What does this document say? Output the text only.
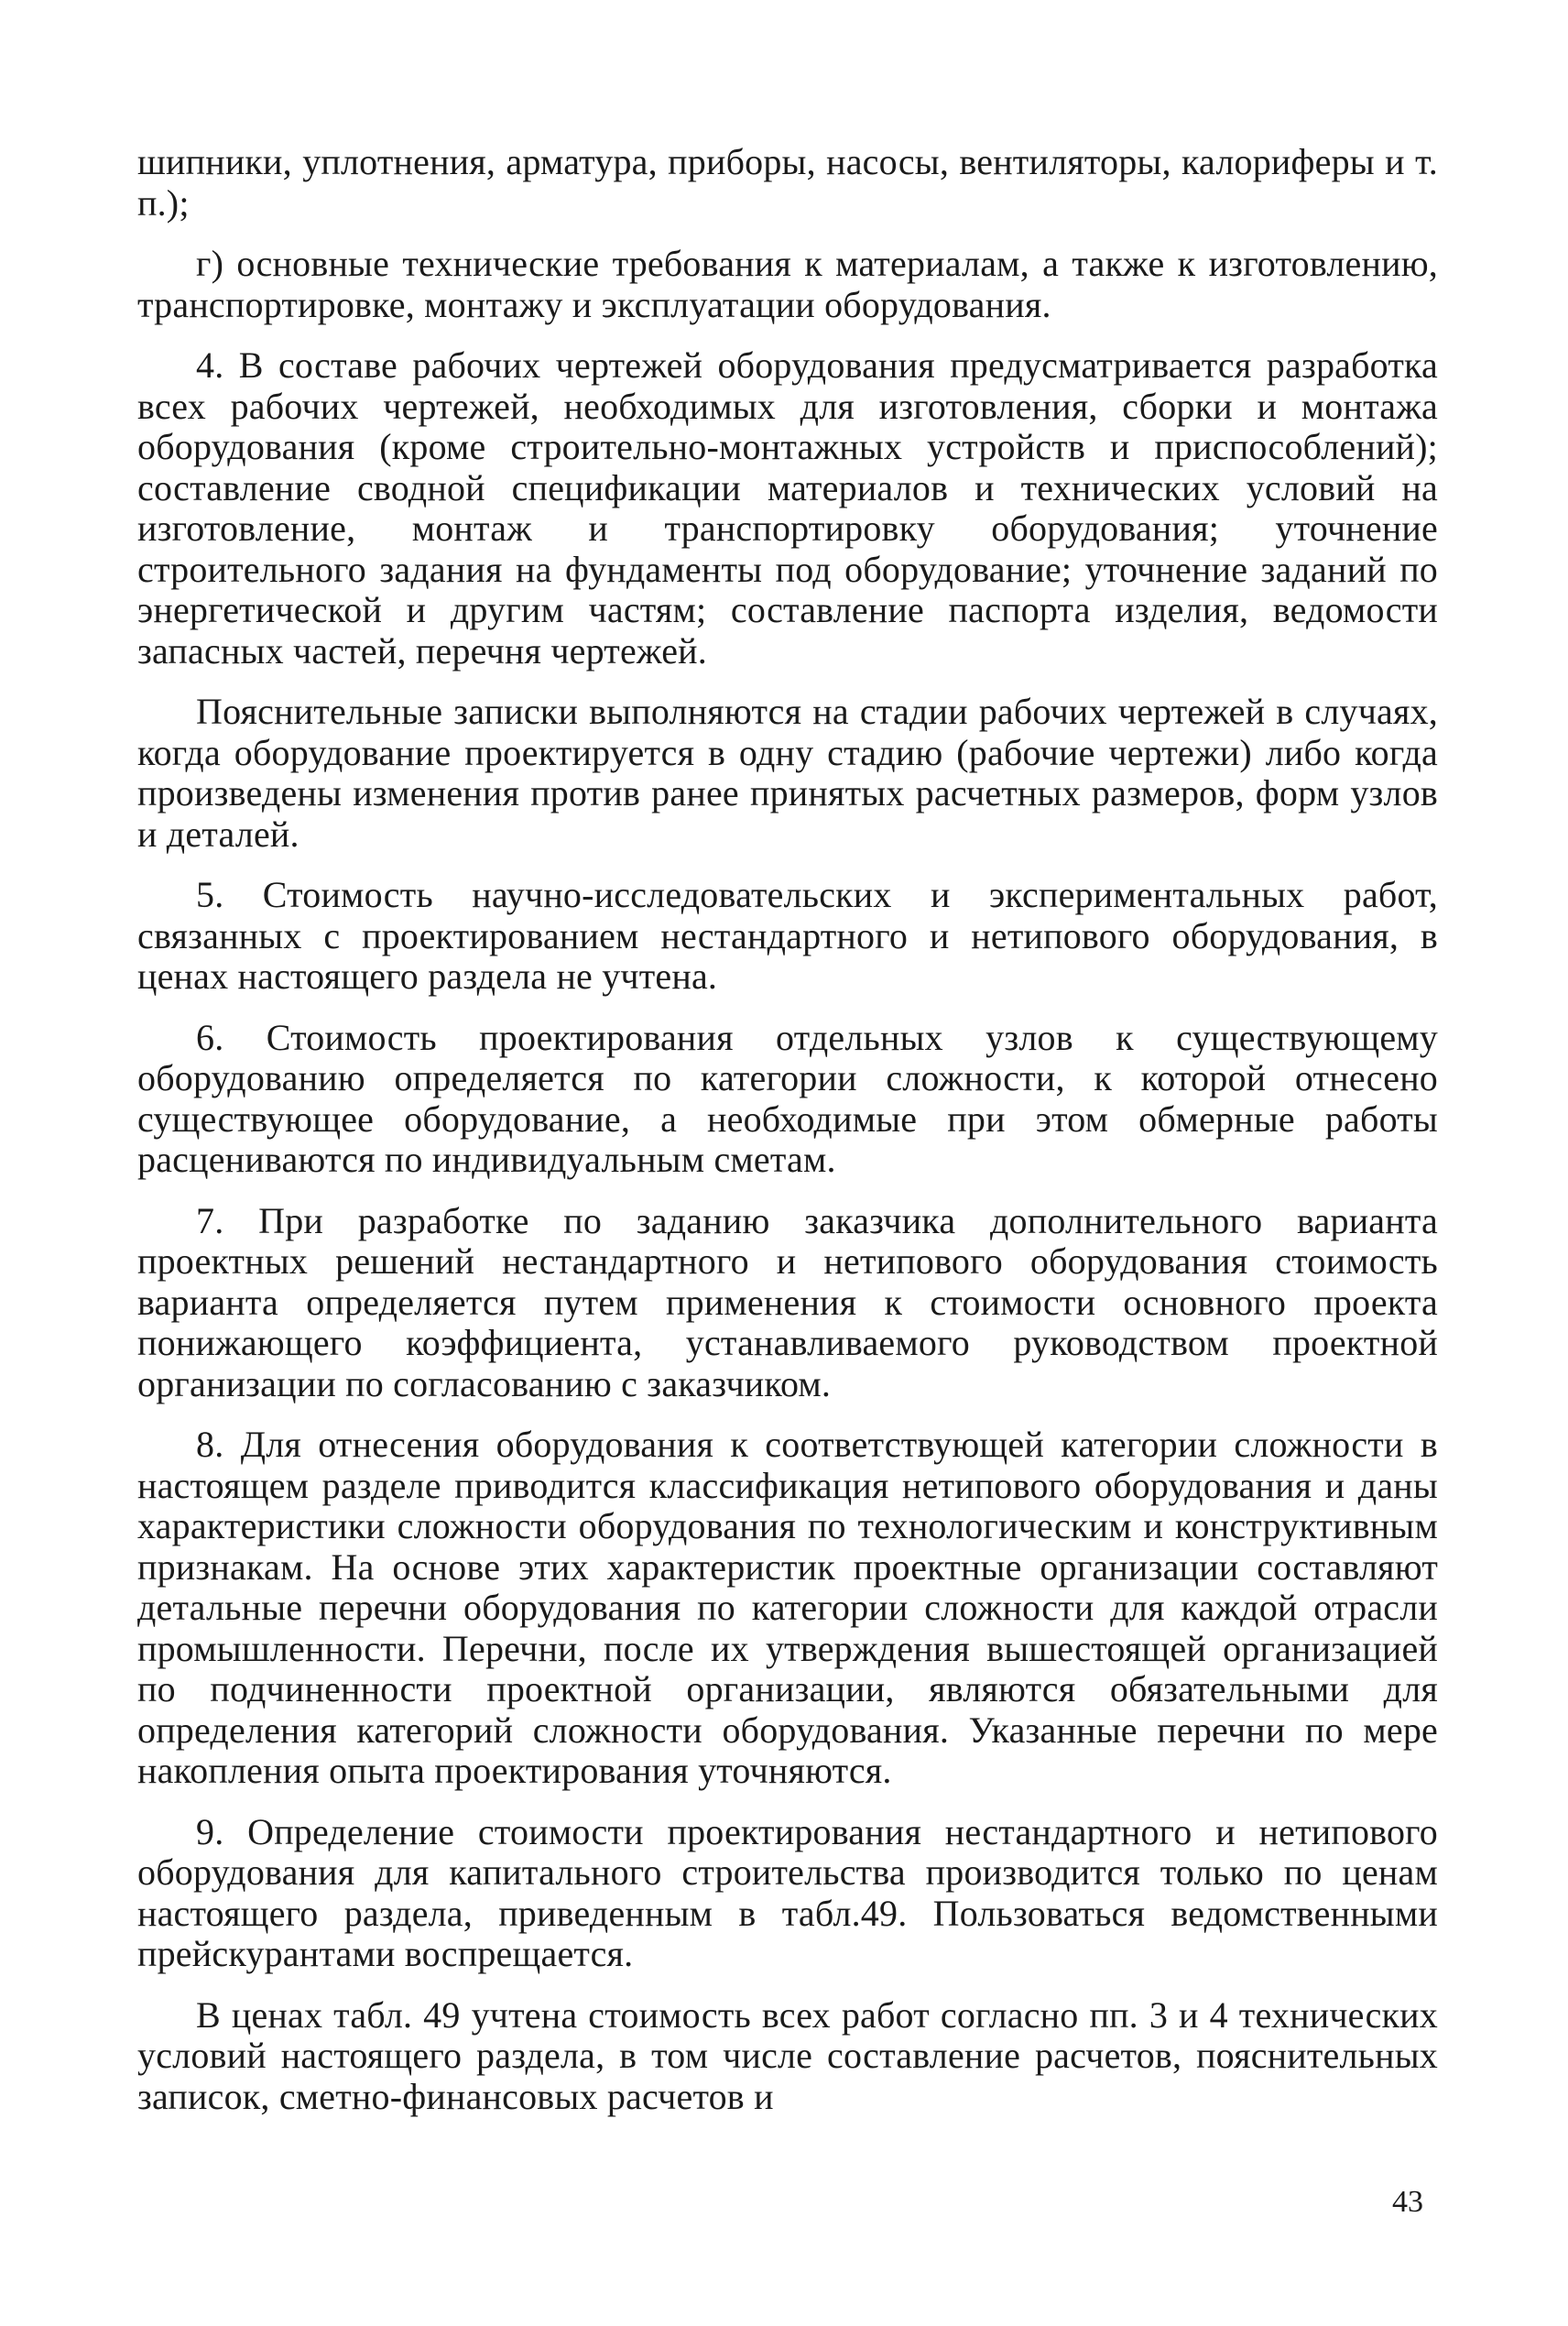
шипники, уплотнения, арматура, приборы, насосы, вентиляторы, калориферы и т. п.);

г) основные технические требования к материалам, а также к изготовлению, транспортировке, монтажу и эксплуатации оборудования.

4. В составе рабочих чертежей оборудования предусматривается разработка всех рабочих чертежей, необходимых для изготовления, сборки и монтажа оборудования (кроме строительно-монтажных устройств и приспособлений); составление сводной спецификации материалов и технических условий на изготовление, монтаж и транспортировку оборудования; уточнение строительного задания на фундаменты под оборудование; уточнение заданий по энергетической и другим частям; составление паспорта изделия, ведомости запасных частей, перечня чертежей.

Пояснительные записки выполняются на стадии рабочих чертежей в случаях, когда оборудование проектируется в одну стадию (рабочие чертежи) либо когда произведены изменения против ранее принятых расчетных размеров, форм узлов и деталей.

5. Стоимость научно-исследовательских и экспериментальных работ, связанных с проектированием нестандартного и нетипового оборудования, в ценах настоящего раздела не учтена.

6. Стоимость проектирования отдельных узлов к существующему оборудованию определяется по категории сложности, к которой отнесено существующее оборудование, а необходимые при этом обмерные работы расцениваются по индивидуальным сметам.

7. При разработке по заданию заказчика дополнительного варианта проектных решений нестандартного и нетипового оборудования стоимость варианта определяется путем применения к стоимости основного проекта понижающего коэффициента, устанавливаемого руководством проектной организации по согласованию с заказчиком.

8. Для отнесения оборудования к соответствующей категории сложности в настоящем разделе приводится классификация нетипового оборудования и даны характеристики сложности оборудования по технологическим и конструктивным признакам. На основе этих характеристик проектные организации составляют детальные перечни оборудования по категории сложности для каждой отрасли промышленности. Перечни, после их утверждения вышестоящей организацией по подчиненности проектной организации, являются обязательными для определения категорий сложности оборудования. Указанные перечни по мере накопления опыта проектирования уточняются.

9. Определение стоимости проектирования нестандартного и нетипового оборудования для капитального строительства производится только по ценам настоящего раздела, приведенным в табл.49. Пользоваться ведомственными прейскурантами воспрещается.

В ценах табл. 49 учтена стоимость всех работ согласно пп. 3 и 4 технических условий настоящего раздела, в том числе составление расчетов, пояснительных записок, сметно-финансовых расчетов и

43
